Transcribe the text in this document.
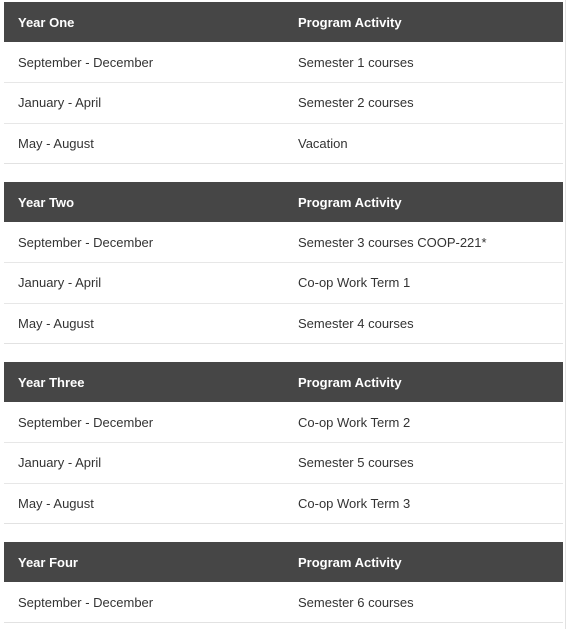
Year One	Program Activity
September - December	Semester 1 courses
January - April	Semester 2 courses
May - August	Vacation
Year Two	Program Activity
September - December	Semester 3 courses COOP-221*
January - April	Co-op Work Term 1
May - August	Semester 4 courses
Year Three	Program Activity
September - December	Co-op Work Term 2
January - April	Semester 5 courses
May - August	Co-op Work Term 3
Year Four	Program Activity
September - December	Semester 6 courses
